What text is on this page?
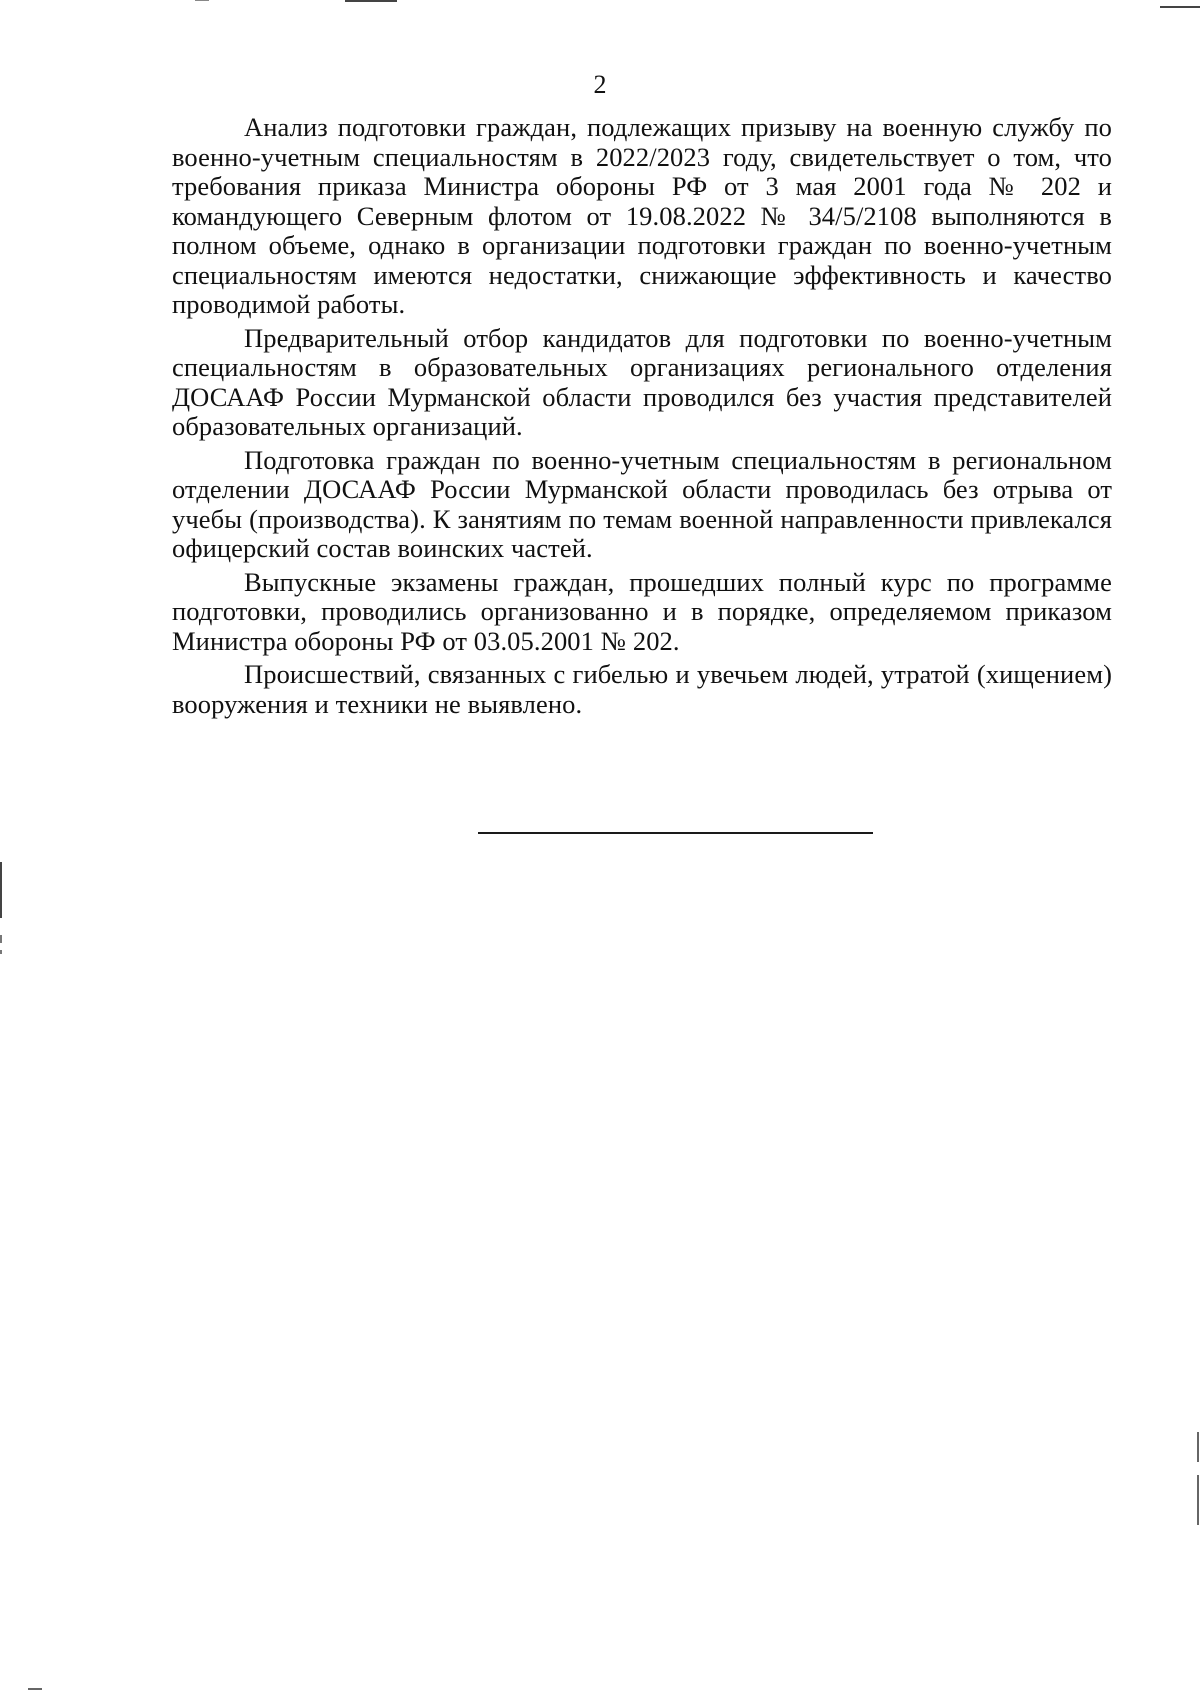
2

Анализ подготовки граждан, подлежащих призыву на военную службу по военно-учетным специальностям в 2022/2023 году, свидетельствует о том, что требования приказа Министра обороны РФ от 3 мая 2001 года № 202 и командующего Северным флотом от 19.08.2022 № 34/5/2108 выполняются в полном объеме, однако в организации подготовки граждан по военно-учетным специальностям имеются недостатки, снижающие эффективность и качество проводимой работы.

Предварительный отбор кандидатов для подготовки по военно-учетным специальностям в образовательных организациях регионального отделения ДОСААФ России Мурманской области проводился без участия представителей образовательных организаций.

Подготовка граждан по военно-учетным специальностям в региональном отделении ДОСААФ России Мурманской области проводилась без отрыва от учебы (производства). К занятиям по темам военной направленности привлекался офицерский состав воинских частей.

Выпускные экзамены граждан, прошедших полный курс по программе подготовки, проводились организованно и в порядке, определяемом приказом Министра обороны РФ от 03.05.2001 № 202.

Происшествий, связанных с гибелью и увечьем людей, утратой (хищением) вооружения и техники не выявлено.
